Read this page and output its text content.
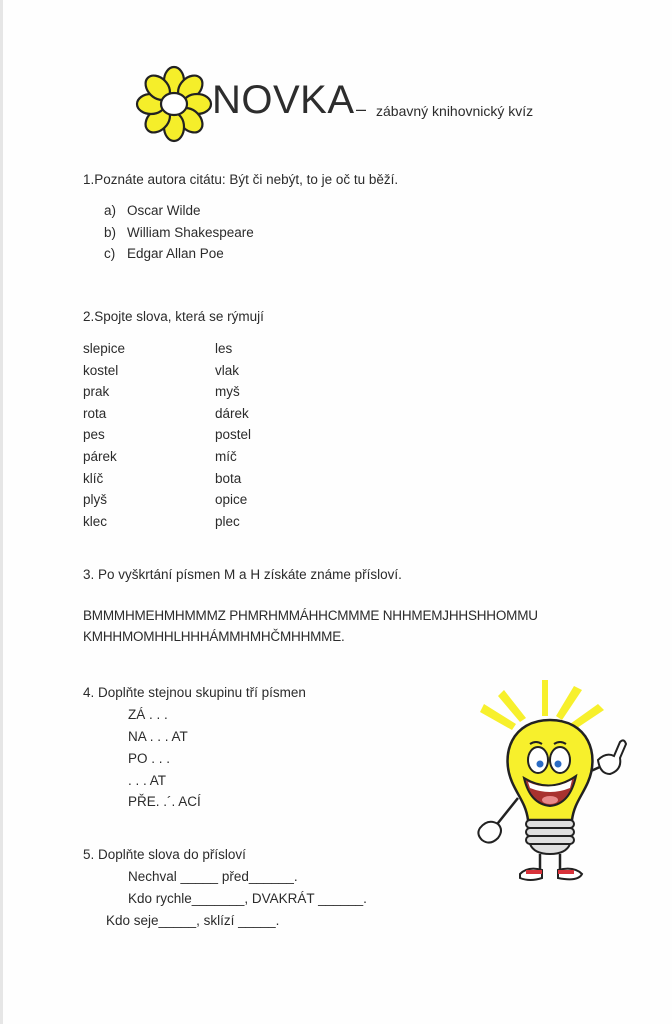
NOVKA – zábavný knihovnický kvíz
1.Poznáte autora citátu: Být či nebýt, to je oč tu běží.
a) Oscar Wilde
b) William Shakespeare
c) Edgar Allan Poe
2.Spojte slova, která se rýmují
slepice
kostel
prak
rota
pes
párek
klíč
plyš
klec
les
vlak
myš
dárek
postel
míč
bota
opice
plec
3. Po vyškrtání písmen M a H získáte známe přísloví.
BMMMHMEHMHMMMZ PHMRHMMÁHHCMMME NHHMEMJHHSHHOMMU
KMHHMOMHHLHHHÁMMHMHČMHHMME.
4. Doplňte stejnou skupinu tří písmen
ZÁ . . .
NA . . . AT
PO . . .
. . . AT
PŘE. .´. ACÍ
5. Doplňte slova do přísloví
Nechval _____ před______.
Kdo rychle_______, DVAKRÁT ______.
Kdo seje_____, sklízí _____.
